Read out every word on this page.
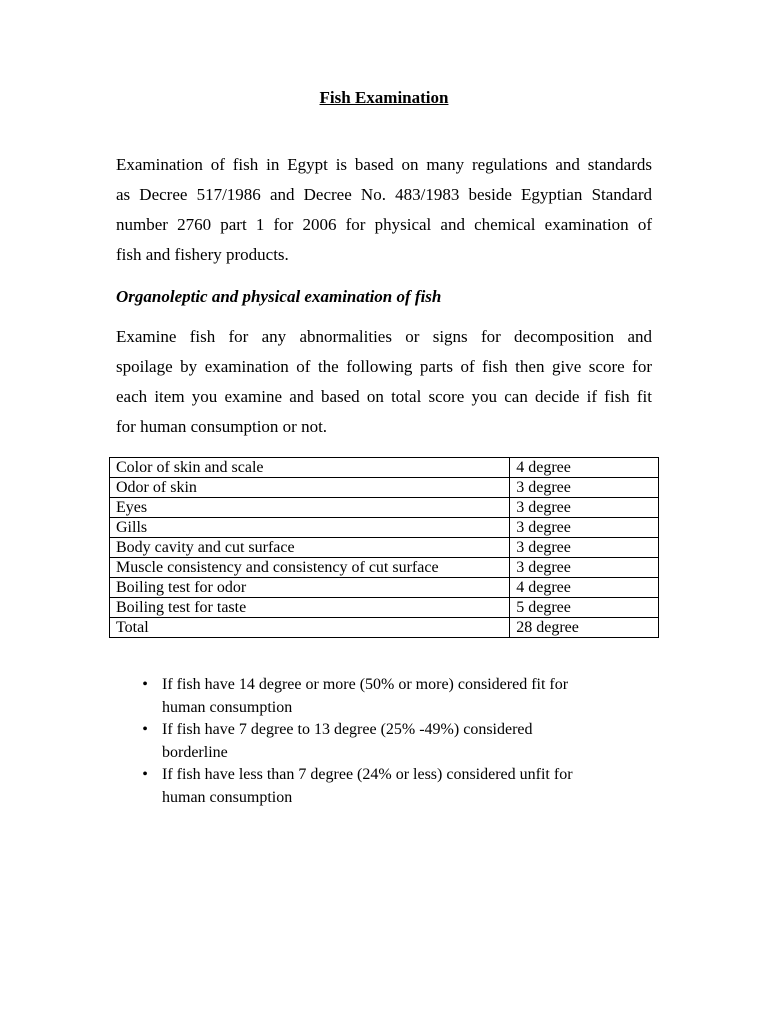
Fish Examination

Examination of fish in Egypt is based on many regulations and standards
as Decree 517/1986 and Decree No. 483/1983 beside Egyptian Standard
number 2760 part 1 for 2006 for physical and chemical examination of
fish and fishery products.

Organoleptic and physical examination of fish

Examine fish for any abnormalities or signs for decomposition and
spoilage by examination of the following parts of fish then give score for
each item you examine and based on total score you can decide if fish fit
for human consumption or not.

Color of skin and scale	4 degree
Odor of skin	3 degree
Eyes	3 degree
Gills	3 degree
Body cavity and cut surface	3 degree
Muscle consistency and consistency of cut surface	3 degree
Boiling test for odor	4 degree
Boiling test for taste	5 degree
Total	28 degree
• If fish have 14 degree or more (50% or more) considered fit for
human consumption
• If fish have 7 degree to 13 degree (25% -49%) considered
borderline
• If fish have less than 7 degree (24% or less) considered unfit for
human consumption
